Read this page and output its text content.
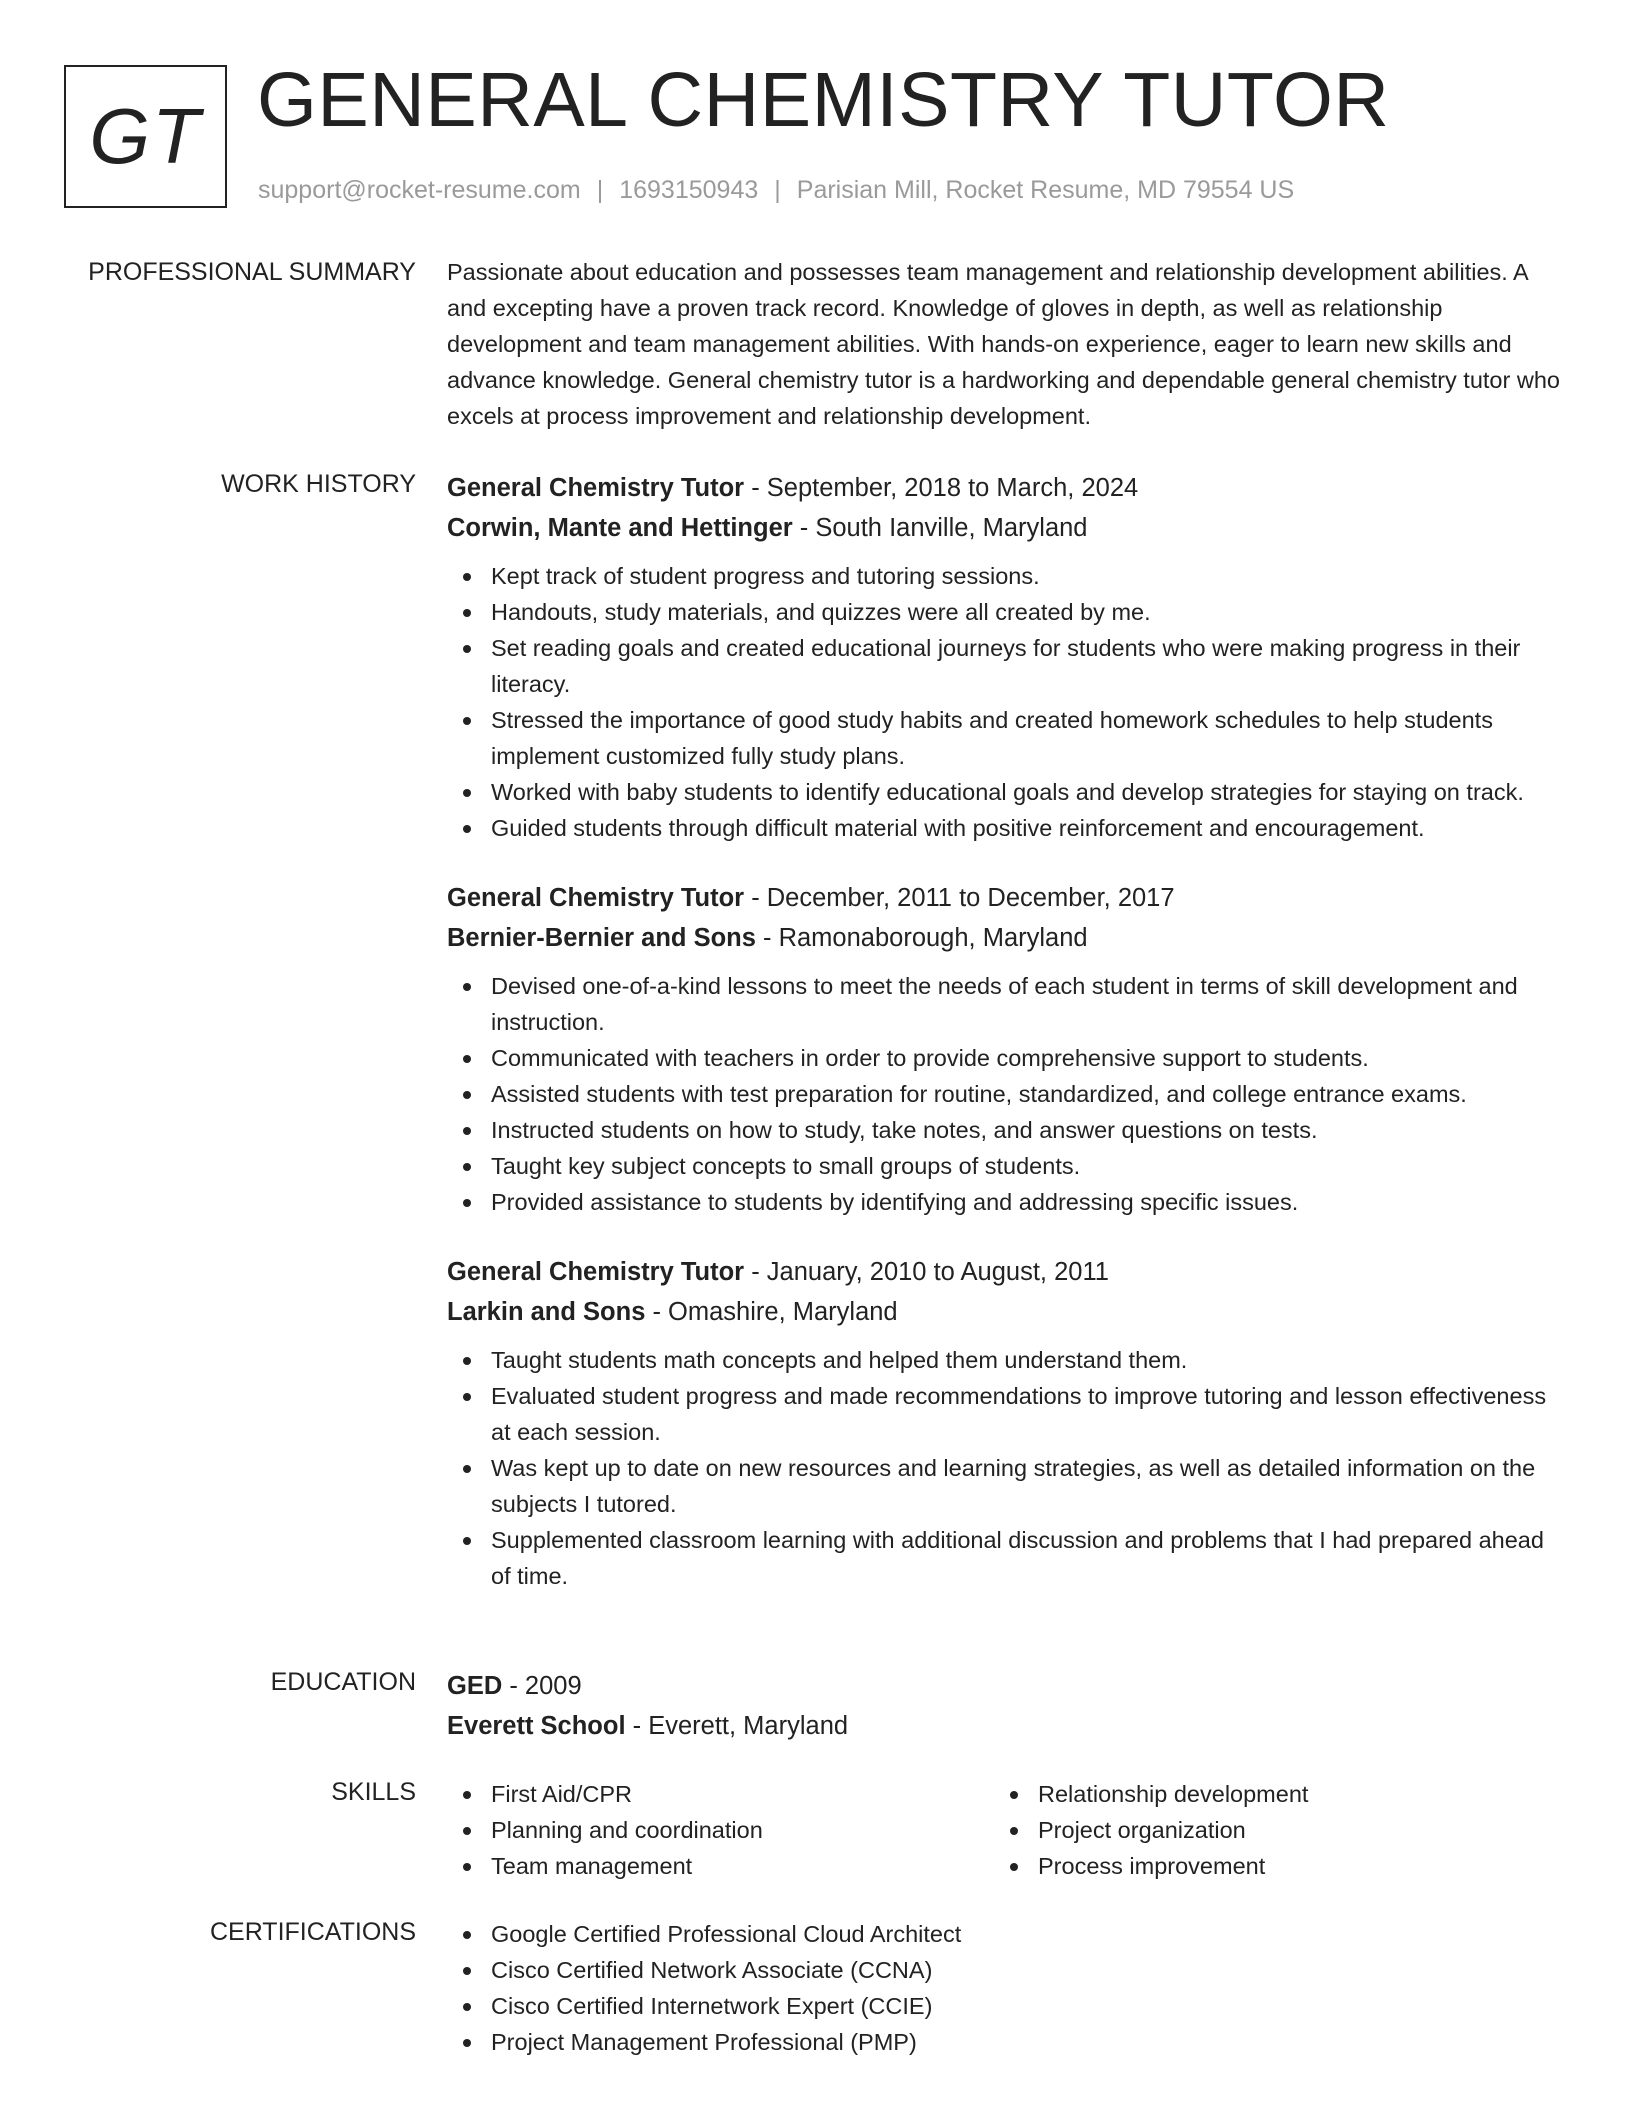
GT GENERAL CHEMISTRY TUTOR
support@rocket-resume.com | 1693150943 | Parisian Mill, Rocket Resume, MD 79554 US
PROFESSIONAL SUMMARY Passionate about education and possesses team management and relationship development abilities. A and excepting have a proven track record. Knowledge of gloves in depth, as well as relationship development and team management abilities. With hands-on experience, eager to learn new skills and advance knowledge. General chemistry tutor is a hardworking and dependable general chemistry tutor who excels at process improvement and relationship development.

WORK HISTORY General Chemistry Tutor - September, 2018 to March, 2024
Corwin, Mante and Hettinger - South Ianville, Maryland
Kept track of student progress and tutoring sessions.
Handouts, study materials, and quizzes were all created by me.
Set reading goals and created educational journeys for students who were making progress in their literacy.
Stressed the importance of good study habits and created homework schedules to help students implement customized fully study plans.
Worked with baby students to identify educational goals and develop strategies for staying on track.
Guided students through difficult material with positive reinforcement and encouragement.
General Chemistry Tutor - December, 2011 to December, 2017
Bernier-Bernier and Sons - Ramonaborough, Maryland
Devised one-of-a-kind lessons to meet the needs of each student in terms of skill development and instruction.
Communicated with teachers in order to provide comprehensive support to students.
Assisted students with test preparation for routine, standardized, and college entrance exams.
Instructed students on how to study, take notes, and answer questions on tests.
Taught key subject concepts to small groups of students.
Provided assistance to students by identifying and addressing specific issues.
General Chemistry Tutor - January, 2010 to August, 2011
Larkin and Sons - Omashire, Maryland
Taught students math concepts and helped them understand them.
Evaluated student progress and made recommendations to improve tutoring and lesson effectiveness at each session.
Was kept up to date on new resources and learning strategies, as well as detailed information on the subjects I tutored.
Supplemented classroom learning with additional discussion and problems that I had prepared ahead of time.
EDUCATION GED - 2009
Everett School - Everett, Maryland
SKILLS	First Aid/CPR
Planning and coordination
Team management
Relationship development
Project organization
Process improvement
CERTIFICATIONS	Google Certified Professional Cloud Architect
Cisco Certified Network Associate (CCNA)
Cisco Certified Internetwork Expert (CCIE)
Project Management Professional (PMP)
